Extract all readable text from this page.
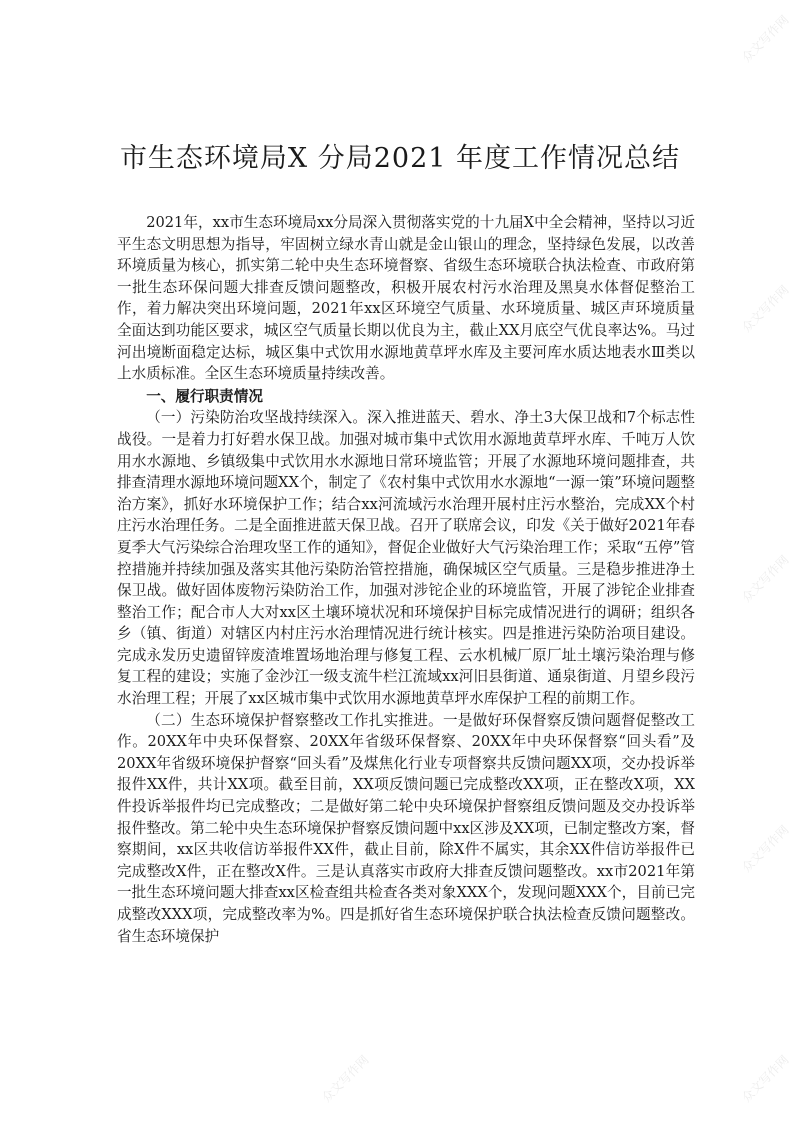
市生态环境局X 分局2021 年度工作情况总结

2021年，xx市生态环境局xx分局深入贯彻落实党的十九届X中全会精神，坚持以习近平生态文明思想为指导，牢固树立绿水青山就是金山银山的理念，坚持绿色发展，以改善环境质量为核心，抓实第二轮中央生态环境督察、省级生态环境联合执法检查、市政府第一批生态环保问题大排查反馈问题整改，积极开展农村污水治理及黑臭水体督促整治工作，着力解决突出环境问题，2021年xx区环境空气质量、水环境质量、城区声环境质量全面达到功能区要求，城区空气质量长期以优良为主，截止XX月底空气优良率达%。马过河出境断面稳定达标，城区集中式饮用水源地黄草坪水库及主要河库水质达地表水Ⅲ类以上水质标准。全区生态环境质量持续改善。

一、履行职责情况

（一）污染防治攻坚战持续深入。深入推进蓝天、碧水、净土3大保卫战和7个标志性战役。一是着力打好碧水保卫战。加强对城市集中式饮用水源地黄草坪水库、千吨万人饮用水水源地、乡镇级集中式饮用水水源地日常环境监管；开展了水源地环境问题排查，共排查清理水源地环境问题XX个，制定了《农村集中式饮用水水源地“一源一策”环境问题整治方案》，抓好水环境保护工作；结合xx河流域污水治理开展村庄污水整治，完成XX个村庄污水治理任务。二是全面推进蓝天保卫战。召开了联席会议，印发《关于做好2021年春夏季大气污染综合治理攻坚工作的通知》，督促企业做好大气污染治理工作；采取“五停”管控措施并持续加强及落实其他污染防治管控措施，确保城区空气质量。三是稳步推进净土保卫战。做好固体废物污染防治工作，加强对涉铊企业的环境监管，开展了涉铊企业排查整治工作；配合市人大对xx区土壤环境状况和环境保护目标完成情况进行的调研；组织各乡（镇、街道）对辖区内村庄污水治理情况进行统计核实。四是推进污染防治项目建设。完成永发历史遗留锌废渣堆置场地治理与修复工程、云水机械厂原厂址土壤污染治理与修复工程的建设；实施了金沙江一级支流牛栏江流域xx河旧县街道、通泉街道、月望乡段污水治理工程；开展了xx区城市集中式饮用水源地黄草坪水库保护工程的前期工作。

（二）生态环境保护督察整改工作扎实推进。一是做好环保督察反馈问题督促整改工作。20XX年中央环保督察、20XX年省级环保督察、20XX年中央环保督察“回头看”及20XX年省级环境保护督察“回头看”及煤焦化行业专项督察共反馈问题XX项，交办投诉举报件XX件，共计XX项。截至目前，XX项反馈问题已完成整改XX项，正在整改X项，XX件投诉举报件均已完成整改；二是做好第二轮中央环境保护督察组反馈问题及交办投诉举报件整改。第二轮中央生态环境保护督察反馈问题中xx区涉及XX项，已制定整改方案，督察期间，xx区共收信访举报件XX件，截止目前，除X件不属实，其余XX件信访举报件已完成整改X件，正在整改X件。三是认真落实市政府大排查反馈问题整改。xx市2021年第一批生态环境问题大排查xx区检查组共检查各类对象XXX个，发现问题XXX个，目前已完成整改XXX项，完成整改率为%。四是抓好省生态环境保护联合执法检查反馈问题整改。省生态环境保护

众文写作网
众文写作网
众文写作网
众文写作网
众文写作网
众文写作网
